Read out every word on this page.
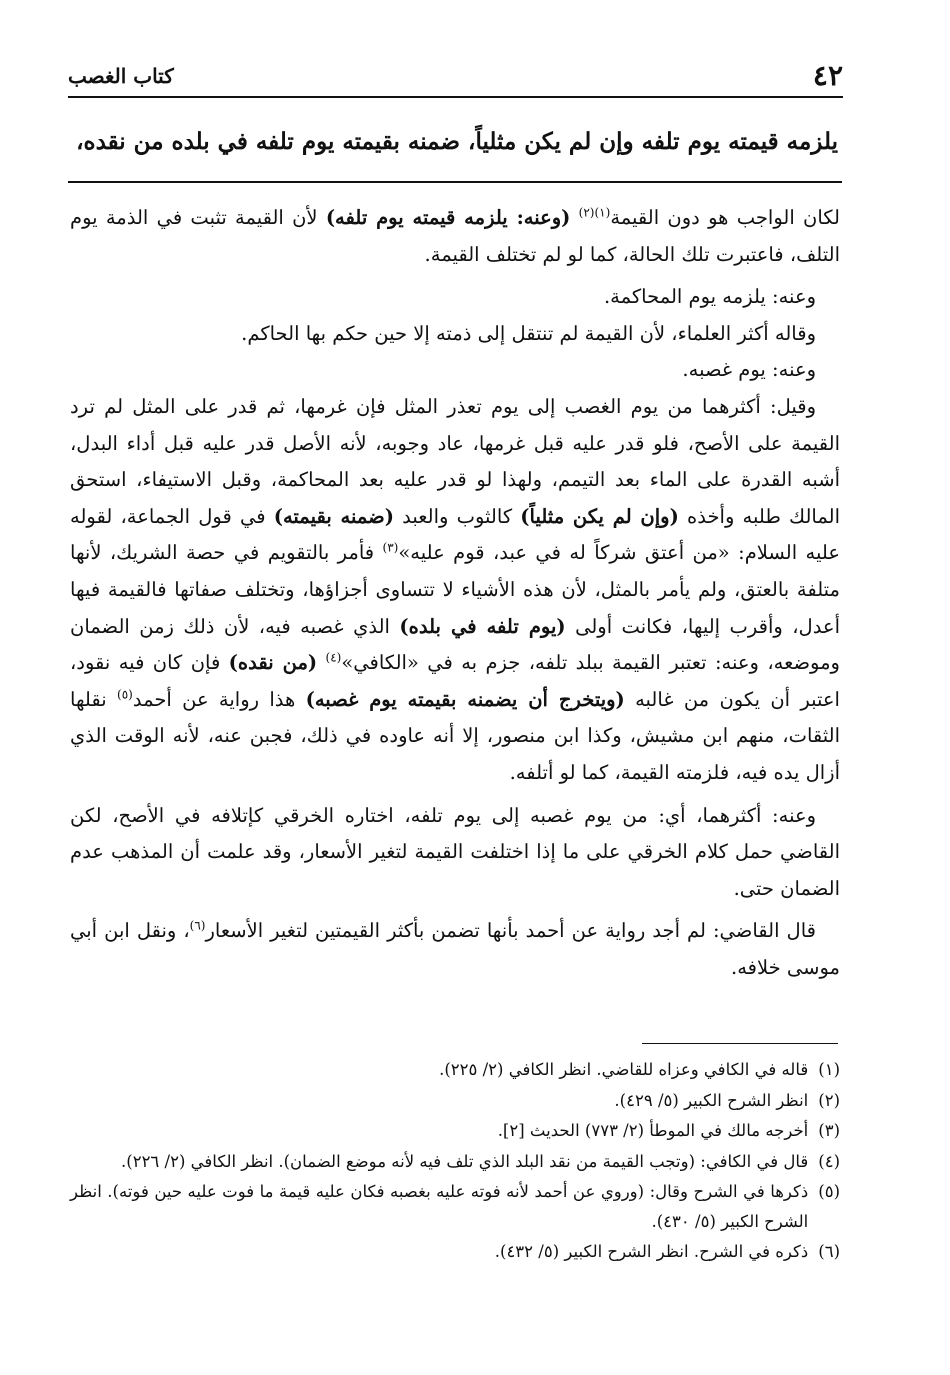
٤٢
كتاب الغصب
يلزمه قيمته يوم تلفه وإن لم يكن مثلياً، ضمنه بقيمته يوم تلفه في بلده من نقده،

لكان الواجب هو دون القيمة$^{(١)(٢)}$ (وعنه: يلزمه قيمته يوم تلفه) لأن القيمة تثبت في الذمة يوم التلف، فاعتبرت تلك الحالة، كما لو لم تختلف القيمة.

وعنه: يلزمه يوم المحاكمة.

وقاله أكثر العلماء، لأن القيمة لم تنتقل إلى ذمته إلا حين حكم بها الحاكم.

وعنه: يوم غصبه.

وقيل: أكثرهما من يوم الغصب إلى يوم تعذر المثل فإن غرمها، ثم قدر على المثل لم ترد القيمة على الأصح، فلو قدر عليه قبل غرمها، عاد وجوبه، لأنه الأصل قدر عليه قبل أداء البدل، أشبه القدرة على الماء بعد التيمم، ولهذا لو قدر عليه بعد المحاكمة، وقبل الاستيفاء، استحق المالك طلبه وأخذه (وإن لم يكن مثلياً) كالثوب والعبد (ضمنه بقيمته) في قول الجماعة، لقوله عليه السلام: «من أعتق شركاً له في عبد، قوم عليه»$^{(٣)}$ فأمر بالتقويم في حصة الشريك، لأنها متلفة بالعتق، ولم يأمر بالمثل، لأن هذه الأشياء لا تتساوى أجزاؤها، وتختلف صفاتها فالقيمة فيها أعدل، وأقرب إليها، فكانت أولى (يوم تلفه في بلده) الذي غصبه فيه، لأن ذلك زمن الضمان وموضعه، وعنه: تعتبر القيمة ببلد تلفه، جزم به في «الكافي»$^{(٤)}$ (من نقده) فإن كان فيه نقود، اعتبر أن يكون من غالبه (ويتخرج أن يضمنه بقيمته يوم غصبه) هذا رواية عن أحمد$^{(٥)}$ نقلها الثقات، منهم ابن مشيش، وكذا ابن منصور، إلا أنه عاوده في ذلك، فجبن عنه، لأنه الوقت الذي أزال يده فيه، فلزمته القيمة، كما لو أتلفه.

وعنه: أكثرهما، أي: من يوم غصبه إلى يوم تلفه، اختاره الخرقي كإتلافه في الأصح، لكن القاضي حمل كلام الخرقي على ما إذا اختلفت القيمة لتغير الأسعار، وقد علمت أن المذهب عدم الضمان حتى.

قال القاضي: لم أجد رواية عن أحمد بأنها تضمن بأكثر القيمتين لتغير الأسعار$^{(٦)}$، ونقل ابن أبي موسى خلافه.

(١)
قاله في الكافي وعزاه للقاضي. انظر الكافي (٢/ ٢٢٥).
(٢)
انظر الشرح الكبير (٥/ ٤٢٩).
(٣)
أخرجه مالك في الموطأ (٢/ ٧٧٣) الحديث [٢].
(٤)
قال في الكافي: (وتجب القيمة من نقد البلد الذي تلف فيه لأنه موضع الضمان). انظر الكافي (٢/ ٢٢٦).
(٥)
ذكرها في الشرح وقال: (وروي عن أحمد لأنه فوته عليه بغصبه فكان عليه قيمة ما فوت عليه حين فوته). انظر الشرح الكبير (٥/ ٤٣٠).
(٦)
ذكره في الشرح. انظر الشرح الكبير (٥/ ٤٣٢).
